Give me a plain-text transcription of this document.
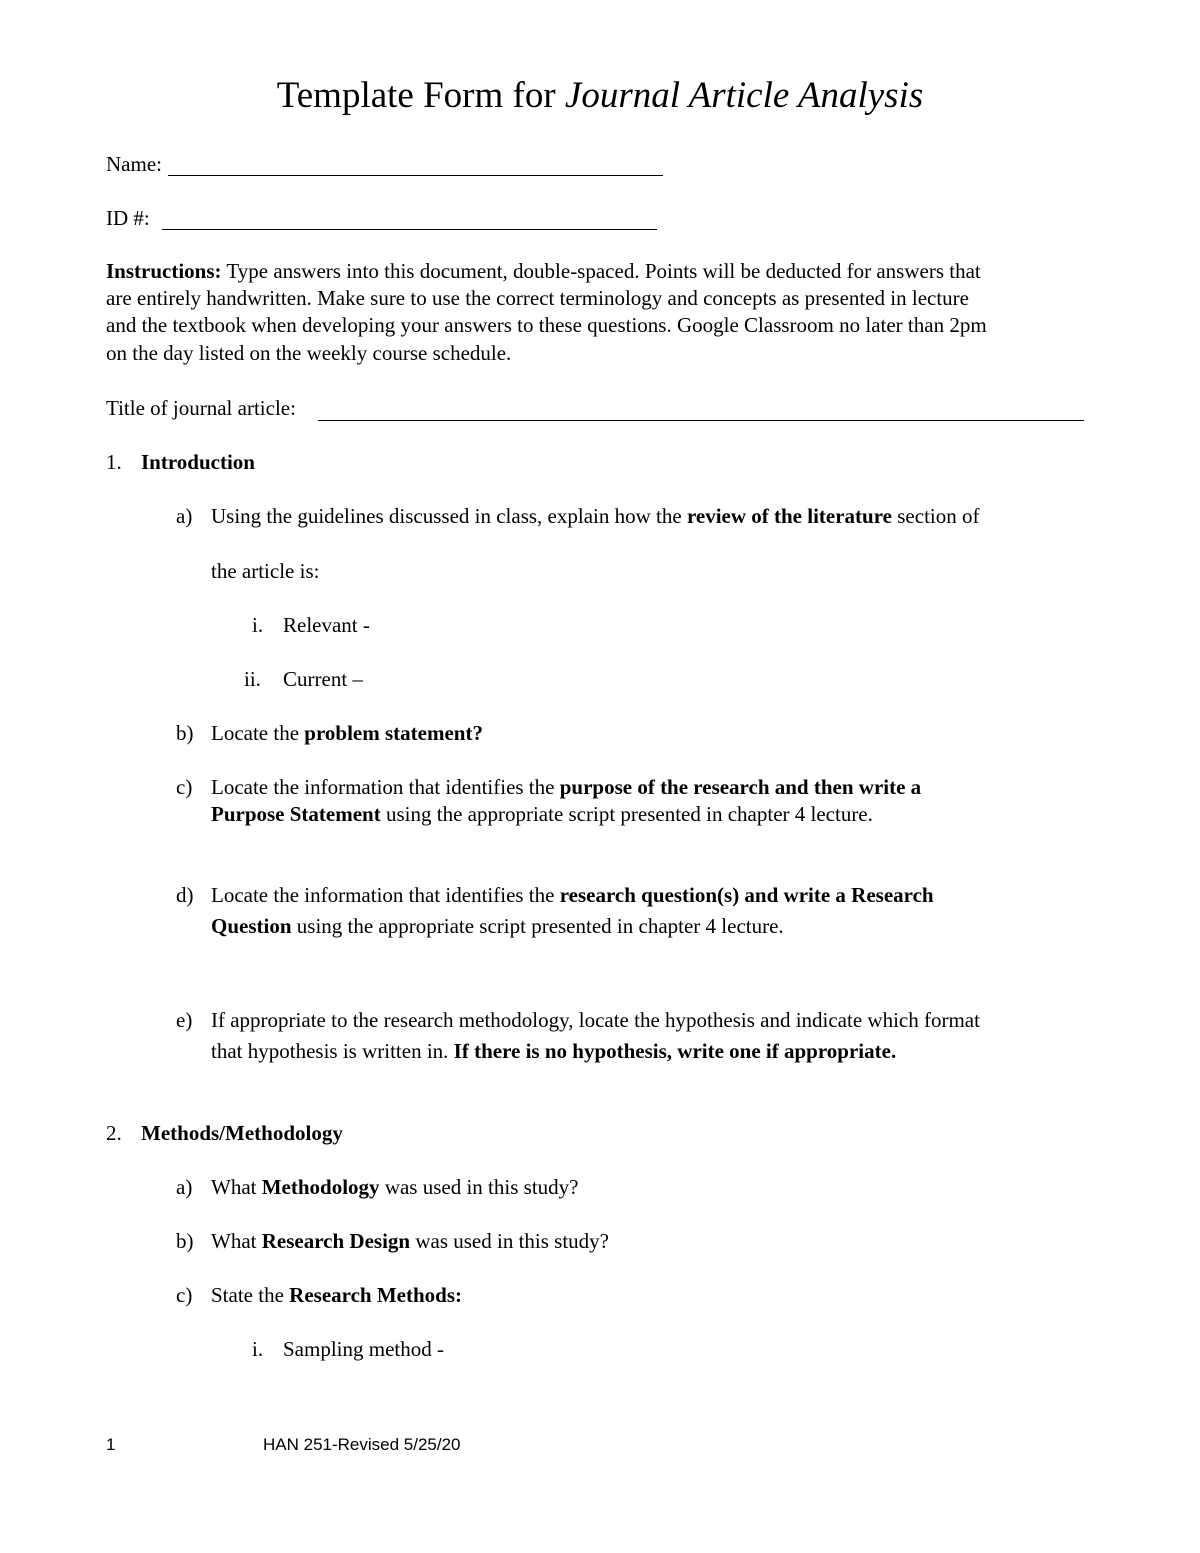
Template Form for Journal Article Analysis
Name:
ID #:
Instructions: Type answers into this document, double-spaced. Points will be deducted for answers that
are entirely handwritten. Make sure to use the correct terminology and concepts as presented in lecture
and the textbook when developing your answers to these questions. Google Classroom no later than 2pm
on the day listed on the weekly course schedule.
Title of journal article:
1. Introduction
a) Using the guidelines discussed in class, explain how the review of the literature section of
the article is:
i. Relevant -
ii. Current –
b) Locate the problem statement?
c) Locate the information that identifies the purpose of the research and then write a
Purpose Statement using the appropriate script presented in chapter 4 lecture.
d) Locate the information that identifies the research question(s) and write a Research
Question using the appropriate script presented in chapter 4 lecture.
e) If appropriate to the research methodology, locate the hypothesis and indicate which format
that hypothesis is written in. If there is no hypothesis, write one if appropriate.
2. Methods/Methodology
a) What Methodology was used in this study?
b) What Research Design was used in this study?
c) State the Research Methods:
i. Sampling method -
1	HAN 251-Revised 5/25/20
